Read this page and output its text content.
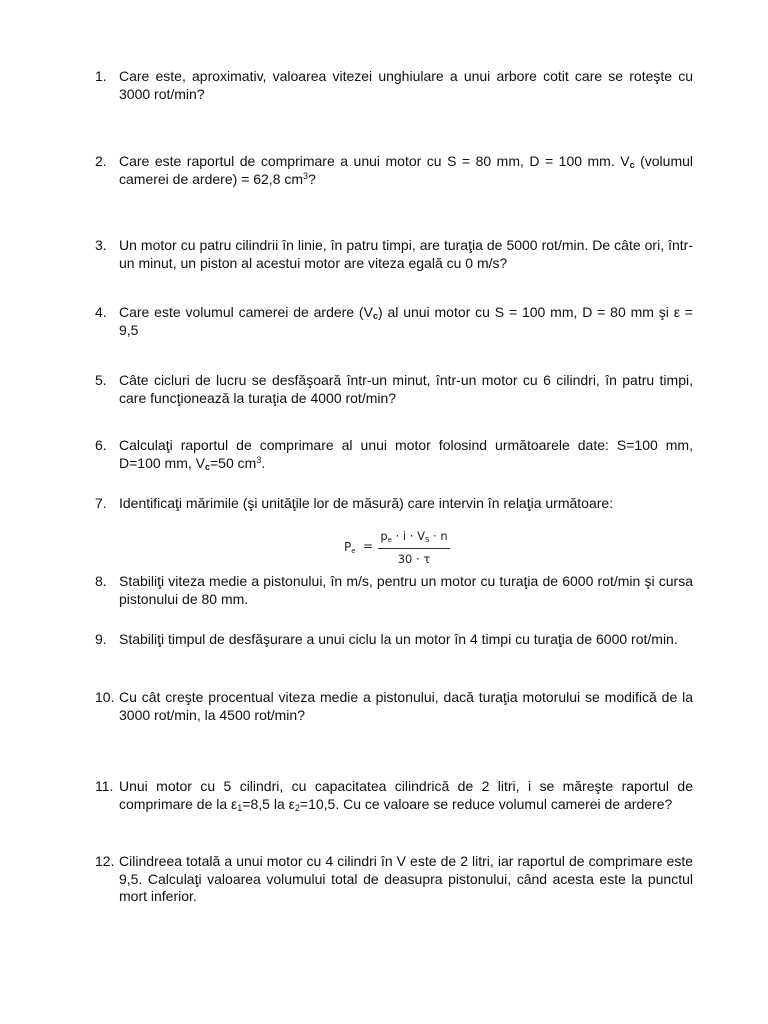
1. Care este, aproximativ, valoarea vitezei unghiulare a unui arbore cotit care se roteşte cu 3000 rot/min?
2. Care este raportul de comprimare a unui motor cu S = 80 mm, D = 100 mm. $V_c$ (volumul camerei de ardere) = 62,8 $cm^3$?
3. Un motor cu patru cilindrii în linie, în patru timpi, are turaţia de 5000 rot/min. De câte ori, într-un minut, un piston al acestui motor are viteza egală cu 0 m/s?
4. Care este volumul camerei de ardere $(V_c)$ al unui motor cu S = 100 mm, D = 80 mm şi ε = 9,5
5. Câte cicluri de lucru se desfăşoară într-un minut, într-un motor cu 6 cilindri, în patru timpi, care funcţionează la turaţia de 4000 rot/min?
6. Calculaţi raportul de comprimare al unui motor folosind următoarele date: S=100 mm, D=100 mm, $V_c=50$ $cm^3$.
7. Identificaţi mărimile (şi unităţile lor de măsură) care intervin în relaţia următoare:
$P_e$ =
$p_e \cdot i \cdot V_S \cdot n$
30 · τ
8. Stabiliţi viteza medie a pistonului, în m/s, pentru un motor cu turaţia de 6000 rot/min şi cursa pistonului de 80 mm.
9. Stabiliţi timpul de desfăşurare a unui ciclu la un motor în 4 timpi cu turaţia de 6000 rot/min.
10. Cu cât creşte procentual viteza medie a pistonului, dacă turaţia motorului se modifică de la 3000 rot/min, la 4500 rot/min?
11. Unui motor cu 5 cilindri, cu capacitatea cilindrică de 2 litri, i se măreşte raportul de comprimare de la $\varepsilon_1=8,5$ la $\varepsilon_2=10,5$. Cu ce valoare se reduce volumul camerei de ardere?
12. Cilindreea totală a unui motor cu 4 cilindri în V este de 2 litri, iar raportul de comprimare este 9,5. Calculaţi valoarea volumului total de deasupra pistonului, când acesta este la punctul mort inferior.
